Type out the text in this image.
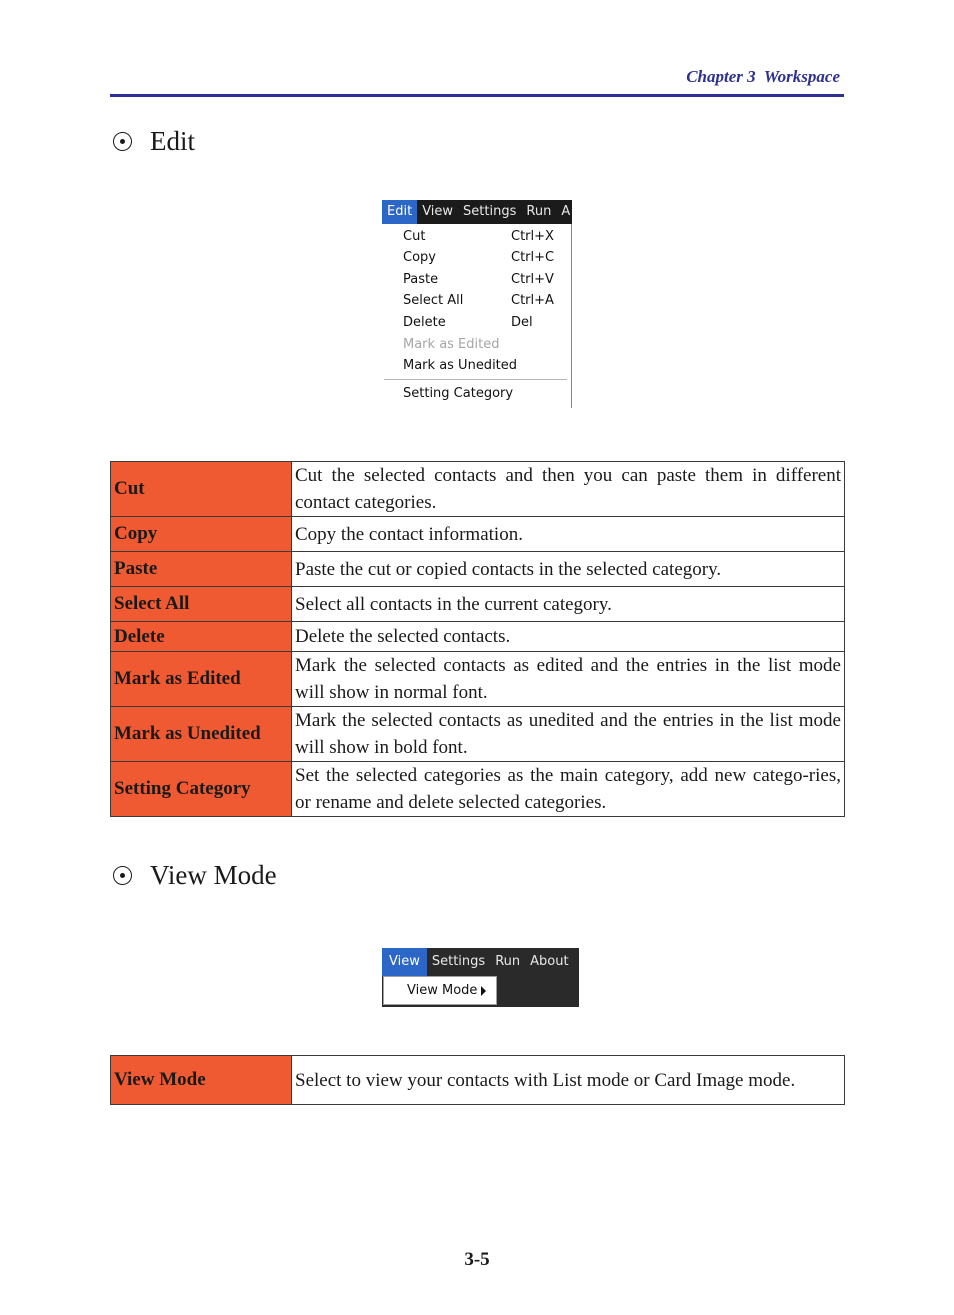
Chapter 3  Workspace
Edit
Edit View Settings Run A
Cut	Ctrl+X
Copy	Ctrl+C
Paste	Ctrl+V
Select All	Ctrl+A
Delete	Del
Mark as Edited
Mark as Unedited
Setting Category
Cut	Cut the selected contacts and then you can paste them in different contact categories.
Copy	Copy the contact information.
Paste	Paste the cut or copied contacts in the selected category.
Select All	Select all contacts in the current category.
Delete	Delete the selected contacts.
Mark as Edited	Mark the selected contacts as edited and the entries in the list mode will show in normal font.
Mark as Unedited	Mark the selected contacts as unedited and the entries in the list mode will show in bold font.
Setting Category	Set the selected categories as the main category, add new catego-ries, or rename and delete selected categories.
View Mode
View Settings Run About
View Mode
View Mode	Select to view your contacts with List mode or Card Image mode.
3-5
